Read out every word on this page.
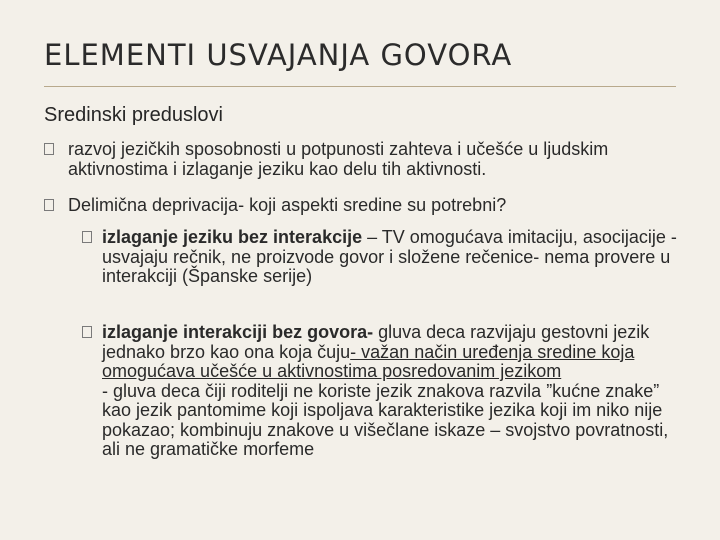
ELEMENTI USVAJANJA GOVORA
Sredinski preduslovi
razvoj jezičkih sposobnosti u potpunosti zahteva i učešće u ljudskim aktivnostima i izlaganje jeziku kao delu tih aktivnosti.
Delimična deprivacija- koji aspekti sredine su potrebni?
izlaganje jeziku bez interakcije – TV omogućava imitaciju, asocijacije - usvajaju rečnik, ne proizvode govor i složene rečenice- nema provere u interakciji (Španske serije)
izlaganje interakciji bez govora- gluva deca razvijaju gestovni jezik jednako brzo kao ona koja čuju- važan način uređenja sredine koja omogućava učešće u aktivnostima posredovanim jezikom
- gluva deca čiji roditelji ne koriste jezik znakova razvila ”kućne znake” kao jezik pantomime koji ispoljava karakteristike jezika koji im niko nije pokazao; kombinuju znakove u višečlane iskaze – svojstvo povratnosti, ali ne gramatičke morfeme
